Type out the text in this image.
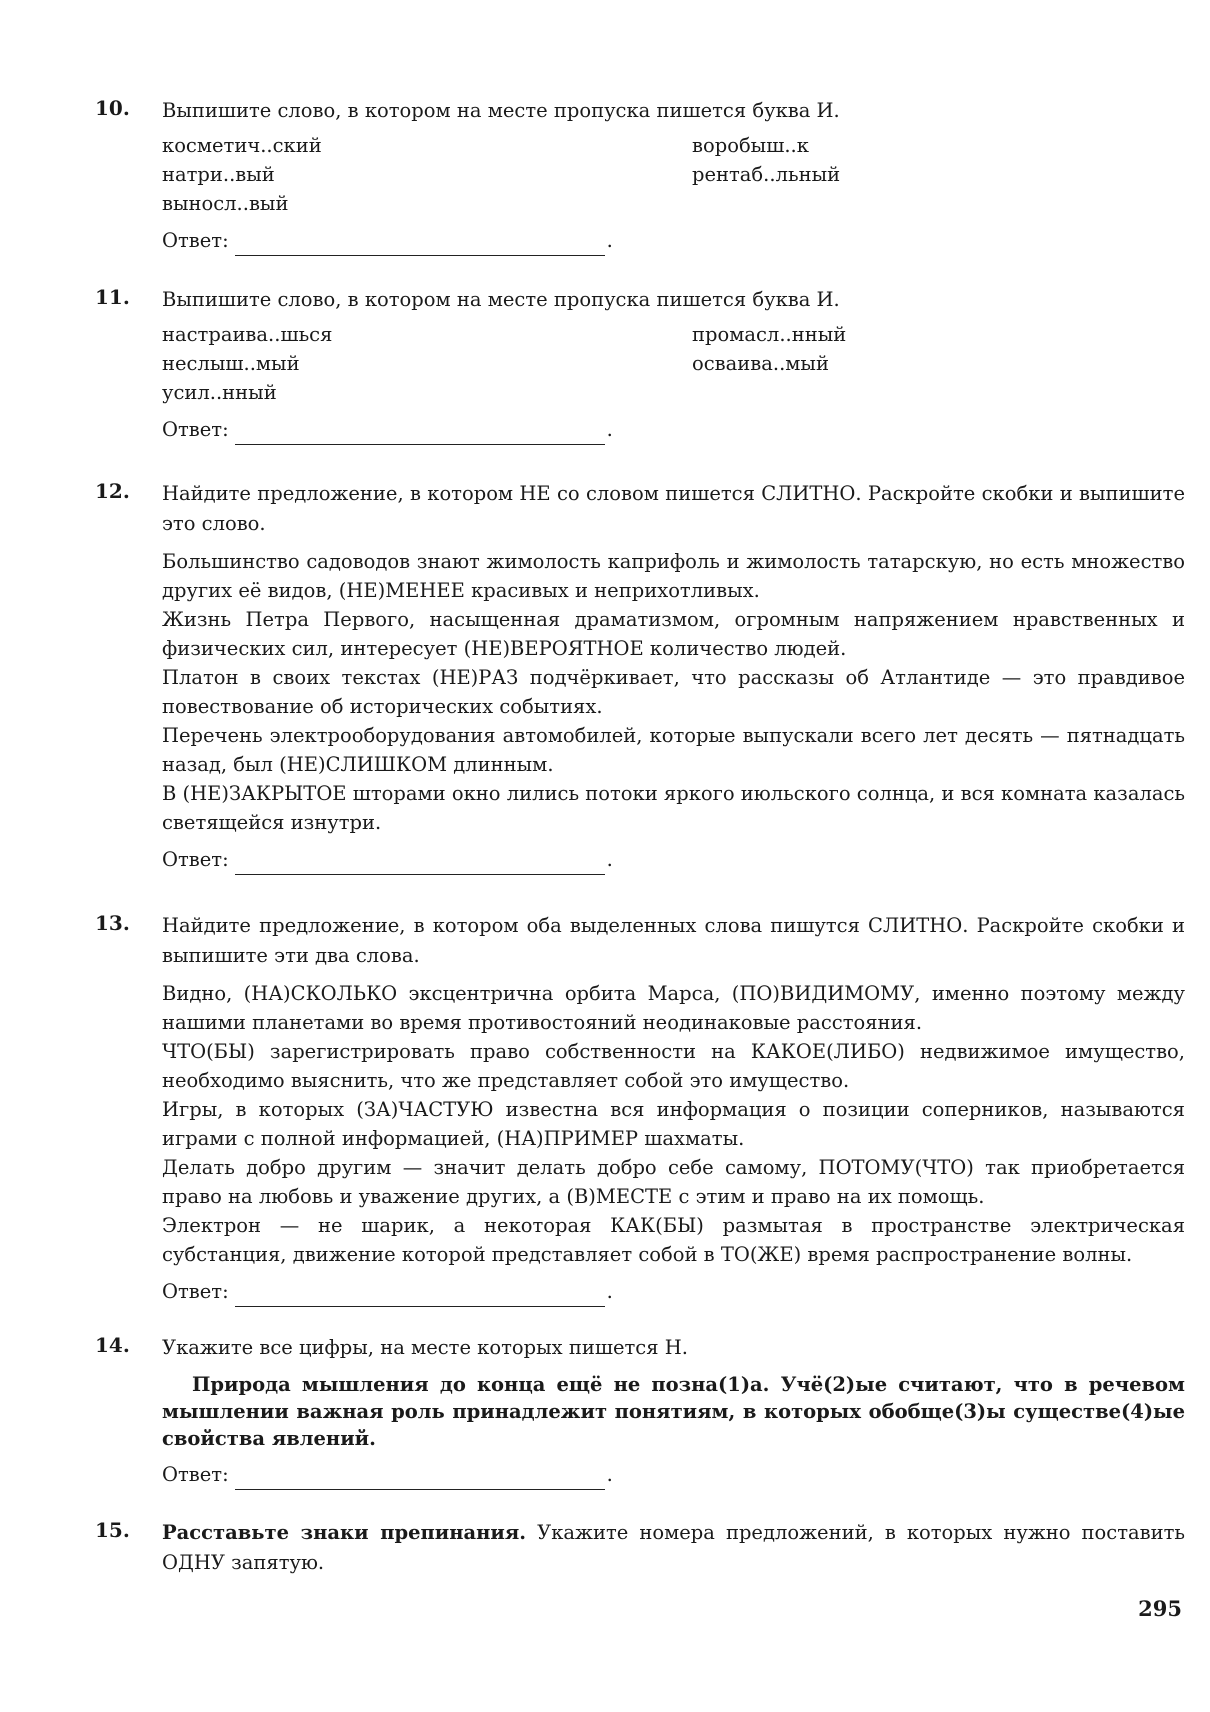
10. Выпишите слово, в котором на месте пропуска пишется буква И.
косметич..ский
натри..вый
выносл..вый
воробыш..к
рентаб..льный
Ответ:	.
11. Выпишите слово, в котором на месте пропуска пишется буква И.
настраива..шься
неслыш..мый
усил..нный
промасл..нный
осваива..мый
Ответ:	.
12. Найдите предложение, в котором НЕ со словом пишется СЛИТНО. Раскройте скобки и выпишите это слово.
Большинство садоводов знают жимолость каприфоль и жимолость татарскую, но есть множество других её видов, (НЕ)МЕНЕЕ красивых и неприхотливых.
Жизнь Петра Первого, насыщенная драматизмом, огромным напряжением нравственных и физических сил, интересует (НЕ)ВЕРОЯТНОЕ количество людей.
Платон в своих текстах (НЕ)РАЗ подчёркивает, что рассказы об Атлантиде — это правдивое повествование об исторических событиях.
Перечень электрооборудования автомобилей, которые выпускали всего лет десять — пятнадцать назад, был (НЕ)СЛИШКОМ длинным.
В (НЕ)ЗАКРЫТОЕ шторами окно лились потоки яркого июльского солнца, и вся комната казалась светящейся изнутри.
Ответ:	.
13. Найдите предложение, в котором оба выделенных слова пишутся СЛИТНО. Раскройте скобки и выпишите эти два слова.
Видно, (НА)СКОЛЬКО эксцентрична орбита Марса, (ПО)ВИДИМОМУ, именно поэтому между нашими планетами во время противостояний неодинаковые расстояния.
ЧТО(БЫ) зарегистрировать право собственности на КАКОЕ(ЛИБО) недвижимое имущество, необходимо выяснить, что же представляет собой это имущество.
Игры, в которых (ЗА)ЧАСТУЮ известна вся информация о позиции соперников, называются играми с полной информацией, (НА)ПРИМЕР шахматы.
Делать добро другим — значит делать добро себе самому, ПОТОМУ(ЧТО) так приобретается право на любовь и уважение других, а (В)МЕСТЕ с этим и право на их помощь.
Электрон — не шарик, а некоторая КАК(БЫ) размытая в пространстве электрическая субстанция, движение которой представляет собой в ТО(ЖЕ) время распространение волны.
Ответ:	.
14. Укажите все цифры, на месте которых пишется Н.
Природа мышления до конца ещё не позна(1)а. Учё(2)ые считают, что в речевом мышлении важная роль принадлежит понятиям, в которых обобще(3)ы существе(4)ые свойства явлений.
Ответ:	.
15. Расставьте знаки препинания. Укажите номера предложений, в которых нужно поставить ОДНУ запятую.
295
